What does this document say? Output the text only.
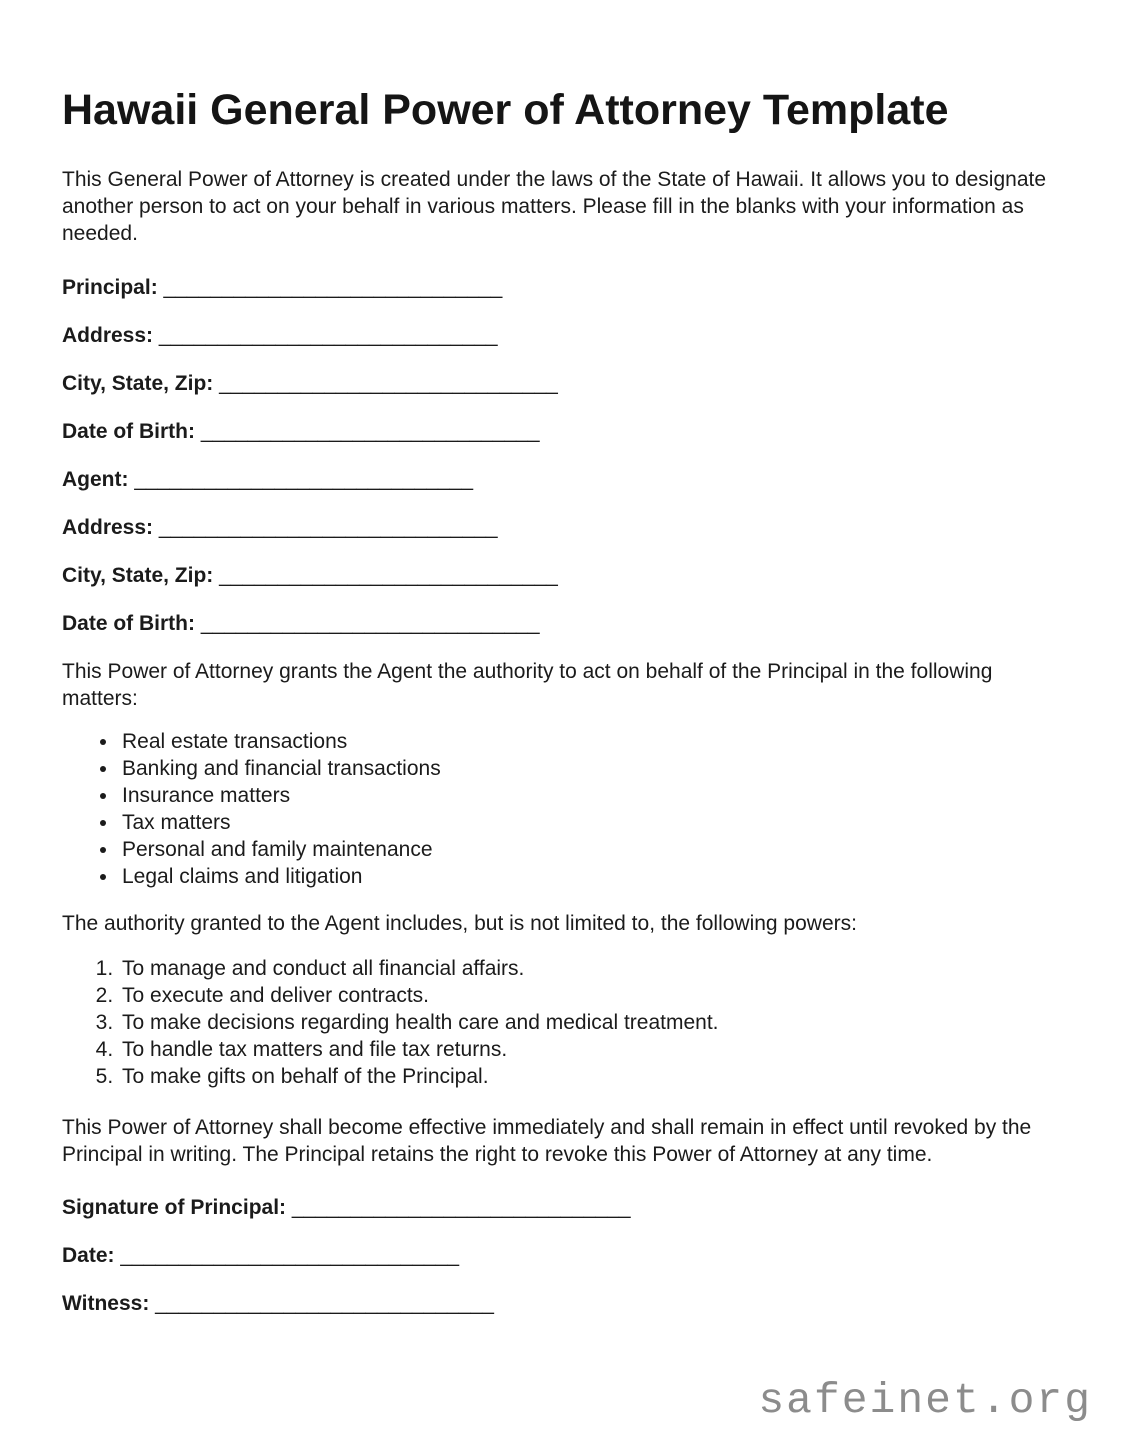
Hawaii General Power of Attorney Template

This General Power of Attorney is created under the laws of the State of Hawaii. It allows you to designate another person to act on your behalf in various matters. Please fill in the blanks with your information as needed.

Principal: _____________________________
Address: _____________________________
City, State, Zip: _____________________________
Date of Birth: _____________________________
Agent: _____________________________
Address: _____________________________
City, State, Zip: _____________________________
Date of Birth: _____________________________

This Power of Attorney grants the Agent the authority to act on behalf of the Principal in the following matters:

• Real estate transactions
• Banking and financial transactions
• Insurance matters
• Tax matters
• Personal and family maintenance
• Legal claims and litigation

The authority granted to the Agent includes, but is not limited to, the following powers:

1. To manage and conduct all financial affairs.
2. To execute and deliver contracts.
3. To make decisions regarding health care and medical treatment.
4. To handle tax matters and file tax returns.
5. To make gifts on behalf of the Principal.

This Power of Attorney shall become effective immediately and shall remain in effect until revoked by the Principal in writing. The Principal retains the right to revoke this Power of Attorney at any time.

Signature of Principal: _____________________________
Date: _____________________________
Witness: _____________________________
safeinet.org
